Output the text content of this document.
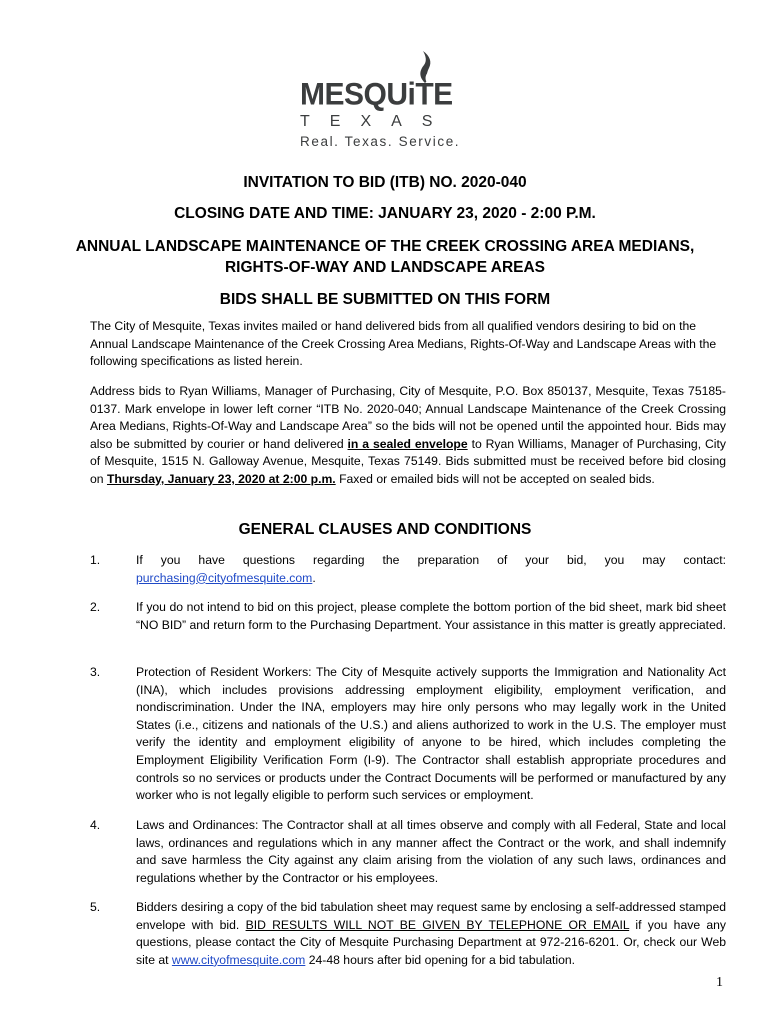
MESQUiTE
TEXAS
Real. Texas. Service.
INVITATION TO BID (ITB) NO. 2020-040
CLOSING DATE AND TIME: JANUARY 23, 2020 - 2:00 P.M.
ANNUAL LANDSCAPE MAINTENANCE OF THE CREEK CROSSING AREA MEDIANS,
RIGHTS-OF-WAY AND LANDSCAPE AREAS
BIDS SHALL BE SUBMITTED ON THIS FORM
The City of Mesquite, Texas invites mailed or hand delivered bids from all qualified vendors desiring to bid on the Annual Landscape Maintenance of the Creek Crossing Area Medians, Rights-Of-Way and Landscape Areas with the following specifications as listed herein.
Address bids to Ryan Williams, Manager of Purchasing, City of Mesquite, P.O. Box 850137, Mesquite, Texas 75185-0137. Mark envelope in lower left corner “ITB No. 2020-040; Annual Landscape Maintenance of the Creek Crossing Area Medians, Rights-Of-Way and Landscape Area” so the bids will not be opened until the appointed hour. Bids may also be submitted by courier or hand delivered in a sealed envelope to Ryan Williams, Manager of Purchasing, City of Mesquite, 1515 N. Galloway Avenue, Mesquite, Texas 75149. Bids submitted must be received before bid closing on Thursday, January 23, 2020 at 2:00 p.m. Faxed or emailed bids will not be accepted on sealed bids.
GENERAL CLAUSES AND CONDITIONS
1.	If you have questions regarding the preparation of your bid, you may contact: purchasing@cityofmesquite.com.
2.	If you do not intend to bid on this project, please complete the bottom portion of the bid sheet, mark bid sheet “NO BID” and return form to the Purchasing Department. Your assistance in this matter is greatly appreciated.
3.	Protection of Resident Workers: The City of Mesquite actively supports the Immigration and Nationality Act (INA), which includes provisions addressing employment eligibility, employment verification, and nondiscrimination. Under the INA, employers may hire only persons who may legally work in the United States (i.e., citizens and nationals of the U.S.) and aliens authorized to work in the U.S. The employer must verify the identity and employment eligibility of anyone to be hired, which includes completing the Employment Eligibility Verification Form (I-9). The Contractor shall establish appropriate procedures and controls so no services or products under the Contract Documents will be performed or manufactured by any worker who is not legally eligible to perform such services or employment.
4.	Laws and Ordinances: The Contractor shall at all times observe and comply with all Federal, State and local laws, ordinances and regulations which in any manner affect the Contract or the work, and shall indemnify and save harmless the City against any claim arising from the violation of any such laws, ordinances and regulations whether by the Contractor or his employees.
5.	Bidders desiring a copy of the bid tabulation sheet may request same by enclosing a self-addressed stamped envelope with bid. BID RESULTS WILL NOT BE GIVEN BY TELEPHONE OR EMAIL if you have any questions, please contact the City of Mesquite Purchasing Department at 972-216-6201. Or, check our Web site at www.cityofmesquite.com 24-48 hours after bid opening for a bid tabulation.
1
